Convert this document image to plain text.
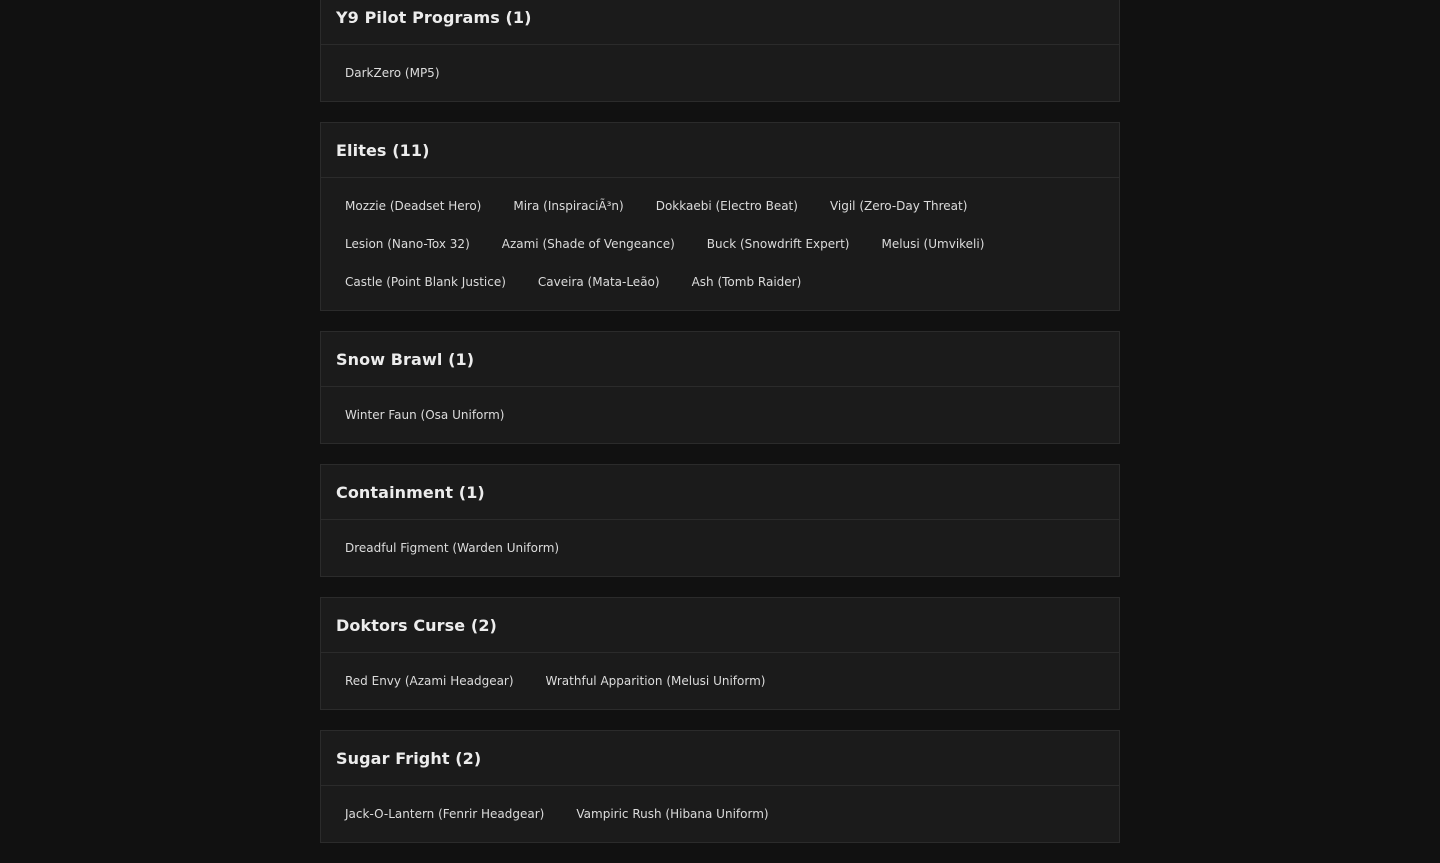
Y9 Pilot Programs (1)
DarkZero (MP5)
Elites (11)
Mozzie (Deadset Hero)	Mira (InspiraciÃ³n)	Dokkaebi (Electro Beat)	Vigil (Zero-Day Threat)
Lesion (Nano-Tox 32)	Azami (Shade of Vengeance)	Buck (Snowdrift Expert)	Melusi (Umvikeli)
Castle (Point Blank Justice)	Caveira (Mata-Leão)	Ash (Tomb Raider)
Snow Brawl (1)
Winter Faun (Osa Uniform)
Containment (1)
Dreadful Figment (Warden Uniform)
Doktors Curse (2)
Red Envy (Azami Headgear)	Wrathful Apparition (Melusi Uniform)
Sugar Fright (2)
Jack-O-Lantern (Fenrir Headgear)	Vampiric Rush (Hibana Uniform)
